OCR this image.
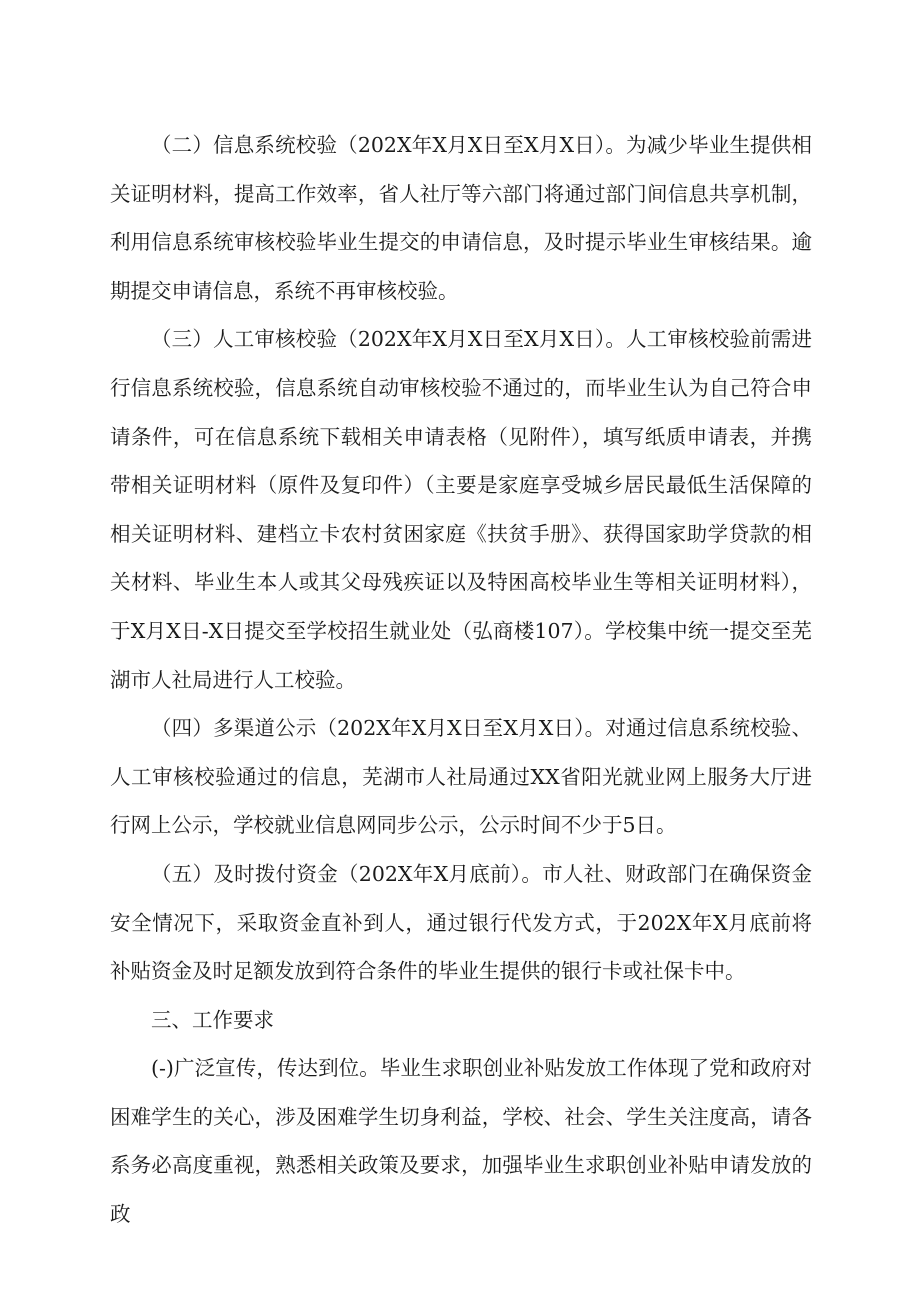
（二）信息系统校验（202X年X月X日至X月X日）。为减少毕业生提供相关证明材料，提高工作效率，省人社厅等六部门将通过部门间信息共享机制，利用信息系统审核校验毕业生提交的申请信息，及时提示毕业生审核结果。逾期提交申请信息，系统不再审核校验。

（三）人工审核校验（202X年X月X日至X月X日）。人工审核校验前需进行信息系统校验，信息系统自动审核校验不通过的，而毕业生认为自己符合申请条件，可在信息系统下载相关申请表格（见附件），填写纸质申请表，并携带相关证明材料（原件及复印件）（主要是家庭享受城乡居民最低生活保障的相关证明材料、建档立卡农村贫困家庭《扶贫手册》、获得国家助学贷款的相关材料、毕业生本人或其父母残疾证以及特困高校毕业生等相关证明材料），于X月X日-X日提交至学校招生就业处（弘商楼107）。学校集中统一提交至芜湖市人社局进行人工校验。

（四）多渠道公示（202X年X月X日至X月X日）。对通过信息系统校验、人工审核校验通过的信息，芜湖市人社局通过XX省阳光就业网上服务大厅进行网上公示，学校就业信息网同步公示，公示时间不少于5日。

（五）及时拨付资金（202X年X月底前）。市人社、财政部门在确保资金安全情况下，采取资金直补到人，通过银行代发方式，于202X年X月底前将补贴资金及时足额发放到符合条件的毕业生提供的银行卡或社保卡中。

三、工作要求

(-)广泛宣传，传达到位。毕业生求职创业补贴发放工作体现了党和政府对困难学生的关心，涉及困难学生切身利益，学校、社会、学生关注度高，请各系务必高度重视，熟悉相关政策及要求，加强毕业生求职创业补贴申请发放的政
